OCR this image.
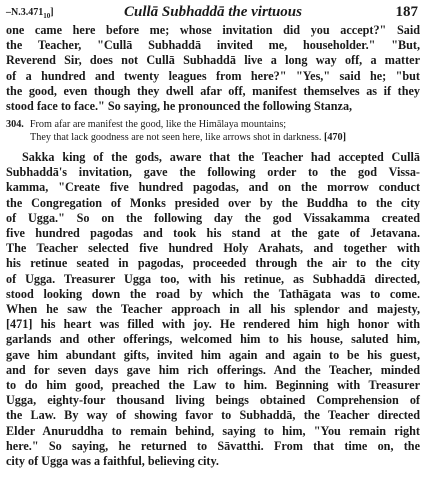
$-N.3.471_{10}$]	Cullā Subhaddā the virtuous	187
one came here before me; whose invitation did you accept?" Said
the Teacher, "Cullā Subhaddā invited me, householder." "But,
Reverend Sir, does not Cullā Subhaddā live a long way off, a matter
of a hundred and twenty leagues from here?" "Yes," said he; "but
the good, even though they dwell afar off, manifest themselves as if they
stood face to face." So saying, he pronounced the following Stanza,
304. From afar are manifest the good, like the Himālaya mountains;
They that lack goodness are not seen here, like arrows shot in darkness. [470]
Sakka king of the gods, aware that the Teacher had accepted Cullā
Subhaddā's invitation, gave the following order to the god Vissa-
kamma, "Create five hundred pagodas, and on the morrow conduct
the Congregation of Monks presided over by the Buddha to the city
of Ugga." So on the following day the god Vissakamma created
five hundred pagodas and took his stand at the gate of Jetavana.
The Teacher selected five hundred Holy Arahats, and together with
his retinue seated in pagodas, proceeded through the air to the city
of Ugga. Treasurer Ugga too, with his retinue, as Subhaddā directed,
stood looking down the road by which the Tathāgata was to come.
When he saw the Teacher approach in all his splendor and majesty,
[471] his heart was filled with joy. He rendered him high honor with
garlands and other offerings, welcomed him to his house, saluted him,
gave him abundant gifts, invited him again and again to be his guest,
and for seven days gave him rich offerings. And the Teacher, minded
to do him good, preached the Law to him. Beginning with Treasurer
Ugga, eighty-four thousand living beings obtained Comprehension of
the Law. By way of showing favor to Subhaddā, the Teacher directed
Elder Anuruddha to remain behind, saying to him, "You remain right
here." So saying, he returned to Sāvatthi. From that time on, the
city of Ugga was a faithful, believing city.
